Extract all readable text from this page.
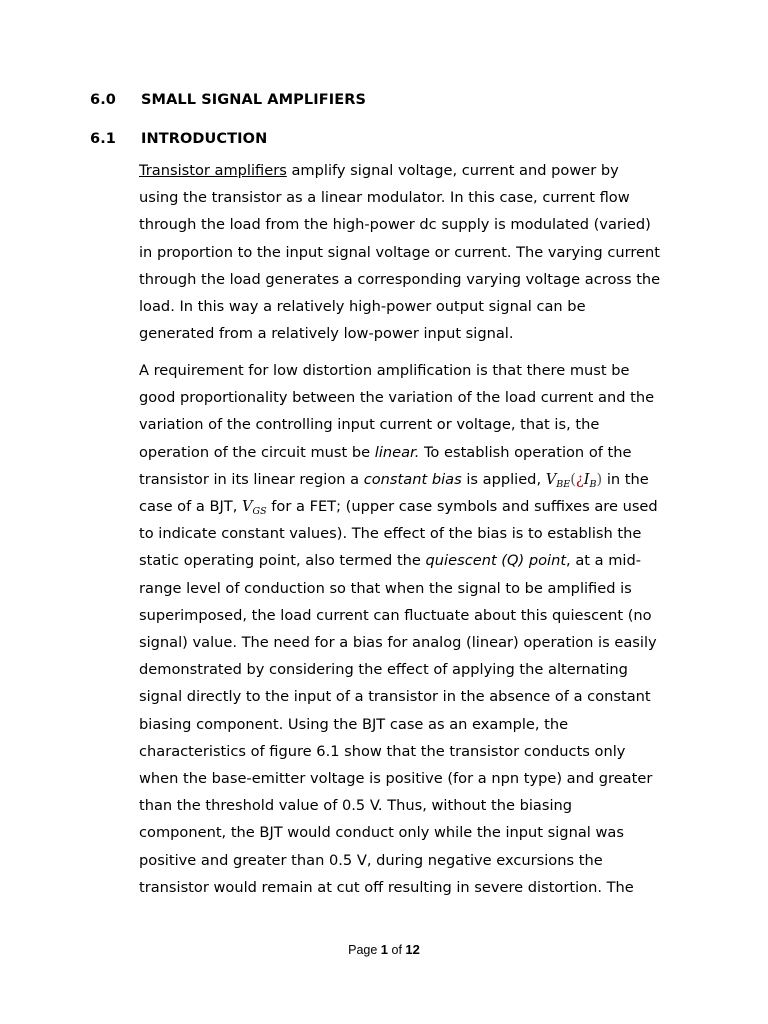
6.0 SMALL SIGNAL AMPLIFIERS
6.1 INTRODUCTION
Transistor amplifiers amplify signal voltage, current and power by
using the transistor as a linear modulator. In this case, current flow
through the load from the high-power dc supply is modulated (varied)
in proportion to the input signal voltage or current. The varying current
through the load generates a corresponding varying voltage across the
load. In this way a relatively high-power output signal can be
generated from a relatively low-power input signal.
A requirement for low distortion amplification is that there must be
good proportionality between the variation of the load current and the
variation of the controlling input current or voltage, that is, the
operation of the circuit must be linear. To establish operation of the
transistor in its linear region a constant bias is applied, $V_{BE}(¿I_B)$ in the
case of a BJT, $V_{GS}$ for a FET; (upper case symbols and suffixes are used
to indicate constant values). The effect of the bias is to establish the
static operating point, also termed the quiescent (Q) point, at a mid-
range level of conduction so that when the signal to be amplified is
superimposed, the load current can fluctuate about this quiescent (no
signal) value. The need for a bias for analog (linear) operation is easily
demonstrated by considering the effect of applying the alternating
signal directly to the input of a transistor in the absence of a constant
biasing component. Using the BJT case as an example, the
characteristics of figure 6.1 show that the transistor conducts only
when the base-emitter voltage is positive (for a npn type) and greater
than the threshold value of 0.5 V. Thus, without the biasing
component, the BJT would conduct only while the input signal was
positive and greater than 0.5 V, during negative excursions the
transistor would remain at cut off resulting in severe distortion. The
Page 1 of 12
